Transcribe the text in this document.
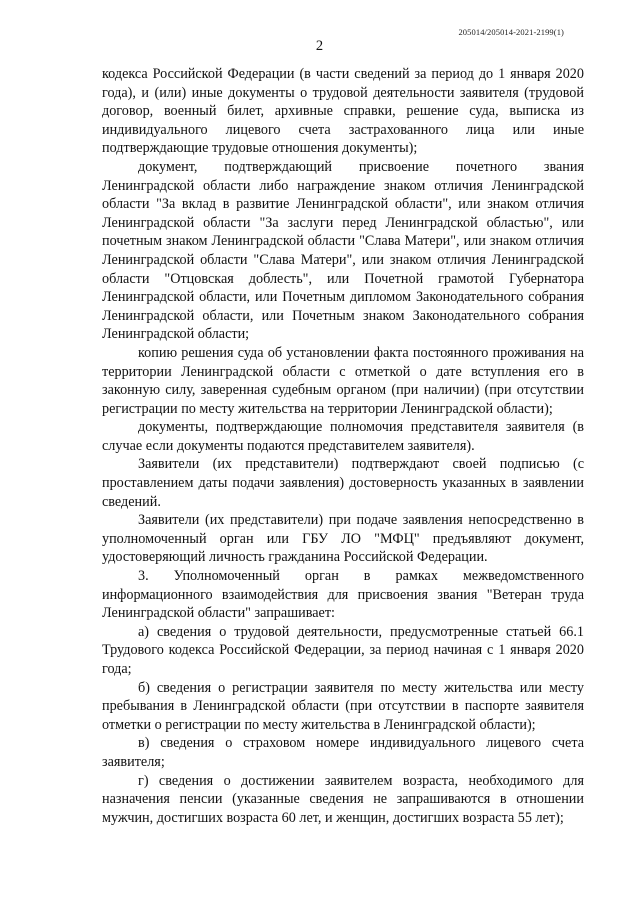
205014/205014-2021-2199(1)
2

кодекса Российской Федерации (в части сведений за период до 1 января 2020 года), и (или) иные документы о трудовой деятельности заявителя (трудовой договор, военный билет, архивные справки, решение суда, выписка из индивидуального лицевого счета застрахованного лица или иные подтверждающие трудовые отношения документы);

документ, подтверждающий присвоение почетного звания Ленинградской области либо награждение знаком отличия Ленинградской области "За вклад в развитие Ленинградской области", или знаком отличия Ленинградской области "За заслуги перед Ленинградской областью", или почетным знаком Ленинградской области "Слава Матери", или знаком отличия Ленинградской области "Слава Матери", или знаком отличия Ленинградской области "Отцовская доблесть", или Почетной грамотой Губернатора Ленинградской области, или Почетным дипломом Законодательного собрания Ленинградской области, или Почетным знаком Законодательного собрания Ленинградской области;

копию решения суда об установлении факта постоянного проживания на территории Ленинградской области с отметкой о дате вступления его в законную силу, заверенная судебным органом (при наличии) (при отсутствии регистрации по месту жительства на территории Ленинградской области);

документы, подтверждающие полномочия представителя заявителя (в случае если документы подаются представителем заявителя).

Заявители (их представители) подтверждают своей подписью (с проставлением даты подачи заявления) достоверность указанных в заявлении сведений.

Заявители (их представители) при подаче заявления непосредственно в уполномоченный орган или ГБУ ЛО "МФЦ" предъявляют документ, удостоверяющий личность гражданина Российской Федерации.

3. Уполномоченный орган в рамках межведомственного информационного взаимодействия для присвоения звания "Ветеран труда Ленинградской области" запрашивает:

а) сведения о трудовой деятельности, предусмотренные статьей 66.1 Трудового кодекса Российской Федерации, за период начиная с 1 января 2020 года;

б) сведения о регистрации заявителя по месту жительства или месту пребывания в Ленинградской области (при отсутствии в паспорте заявителя отметки о регистрации по месту жительства в Ленинградской области);

в) сведения о страховом номере индивидуального лицевого счета заявителя;

г) сведения о достижении заявителем возраста, необходимого для назначения пенсии (указанные сведения не запрашиваются в отношении мужчин, достигших возраста 60 лет, и женщин, достигших возраста 55 лет);
